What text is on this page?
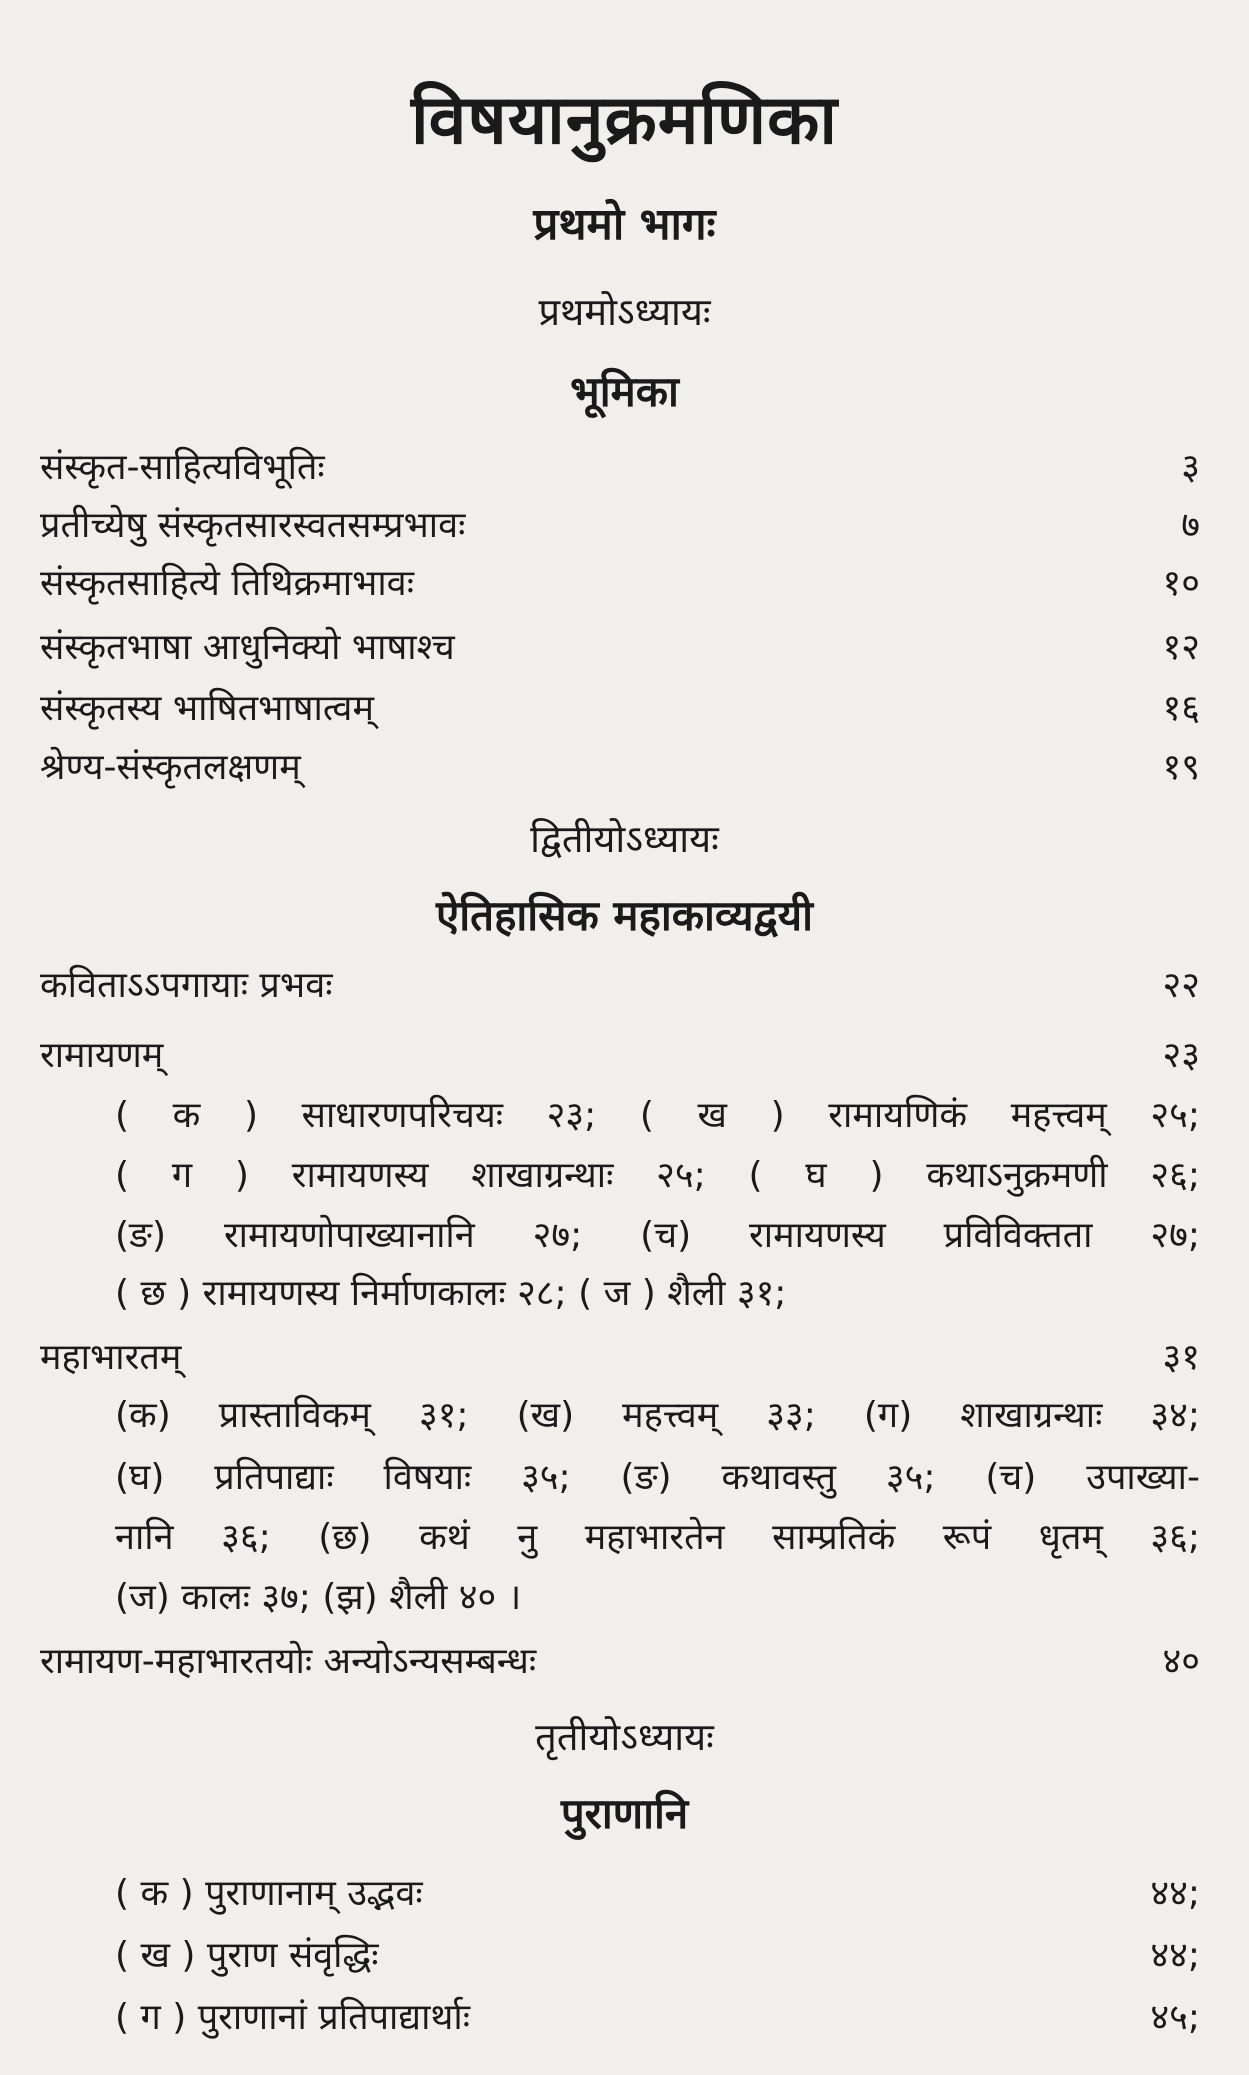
विषयानुक्रमणिका
प्रथमो भागः
प्रथमोऽध्यायः
भूमिका
संस्कृत-साहित्यविभूतिः	३
प्रतीच्येषु संस्कृतसारस्वतसम्प्रभावः	७
संस्कृतसाहित्ये तिथिक्रमाभावः	१०
संस्कृतभाषा आधुनिक्यो भाषाश्च	१२
संस्कृतस्य भाषितभाषात्वम्	१६
श्रेण्य-संस्कृतलक्षणम्	१९
द्वितीयोऽध्यायः
ऐतिहासिक महाकाव्यद्वयी
कविताऽऽपगायाः प्रभवः	२२
रामायणम्	२३
( क ) साधारणपरिचयः २३; ( ख ) रामायणिकं महत्त्वम् २५;
( ग ) रामायणस्य शाखाग्रन्थाः २५; ( घ ) कथाऽनुक्रमणी २६;
(ङ) रामायणोपाख्यानानि २७; (च) रामायणस्य प्रविविक्तता २७;
( छ ) रामायणस्य निर्माणकालः २८; ( ज ) शैली ३१;
महाभारतम्	३१
(क) प्रास्ताविकम् ३१; (ख) महत्त्वम् ३३; (ग) शाखाग्रन्थाः ३४;
(घ) प्रतिपाद्याः विषयाः ३५; (ङ) कथावस्तु ३५; (च) उपाख्या-
नानि ३६; (छ) कथं नु महाभारतेन साम्प्रतिकं रूपं धृतम् ३६;
(ज) कालः ३७; (झ) शैली ४० ।
रामायण-महाभारतयोः अन्योऽन्यसम्बन्धः	४०
तृतीयोऽध्यायः
पुराणानि
( क ) पुराणानाम् उद्भवः	४४;
( ख ) पुराण संवृद्धिः	४४;
( ग ) पुराणानां प्रतिपाद्यार्थाः	४५;
